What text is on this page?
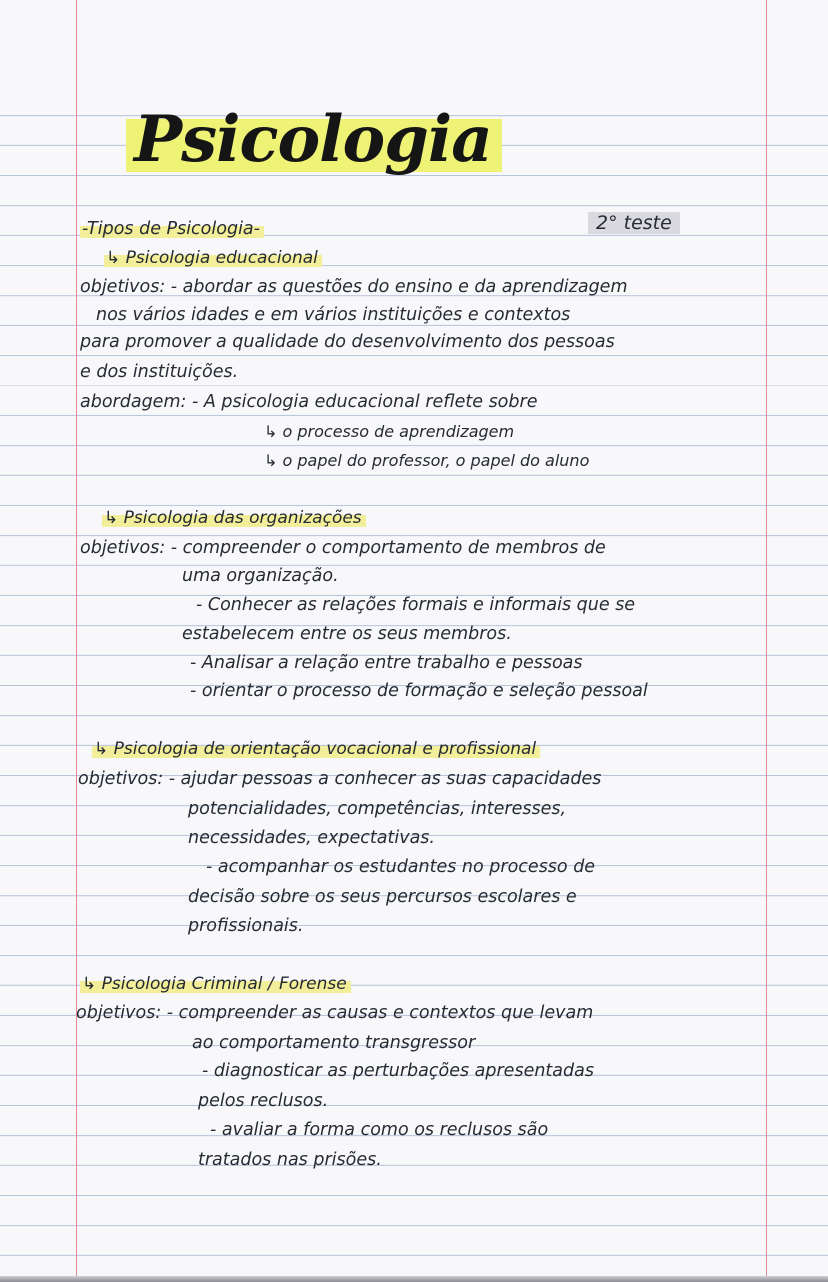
Psicologia
-Tipos de Psicologia-	2° teste
↳ Psicologia educacional
objetivos: - abordar as questões do ensino e da aprendizagem
nos vários idades e em vários instituições e contextos
para promover a qualidade do desenvolvimento dos pessoas
e dos instituições.
abordagem: - A psicologia educacional reflete sobre
↳ o processo de aprendizagem
↳ o papel do professor, o papel do aluno
↳ Psicologia das organizações
objetivos: - compreender o comportamento de membros de
uma organização.
- Conhecer as relações formais e informais que se
estabelecem entre os seus membros.
- Analisar a relação entre trabalho e pessoas
- orientar o processo de formação e seleção pessoal
↳ Psicologia de orientação vocacional e profissional
objetivos: - ajudar pessoas a conhecer as suas capacidades
potencialidades, competências, interesses,
necessidades, expectativas.
- acompanhar os estudantes no processo de
decisão sobre os seus percursos escolares e
profissionais.
↳ Psicologia Criminal / Forense
objetivos: - compreender as causas e contextos que levam
ao comportamento transgressor
- diagnosticar as perturbações apresentadas
pelos reclusos.
- avaliar a forma como os reclusos são
tratados nas prisões.
